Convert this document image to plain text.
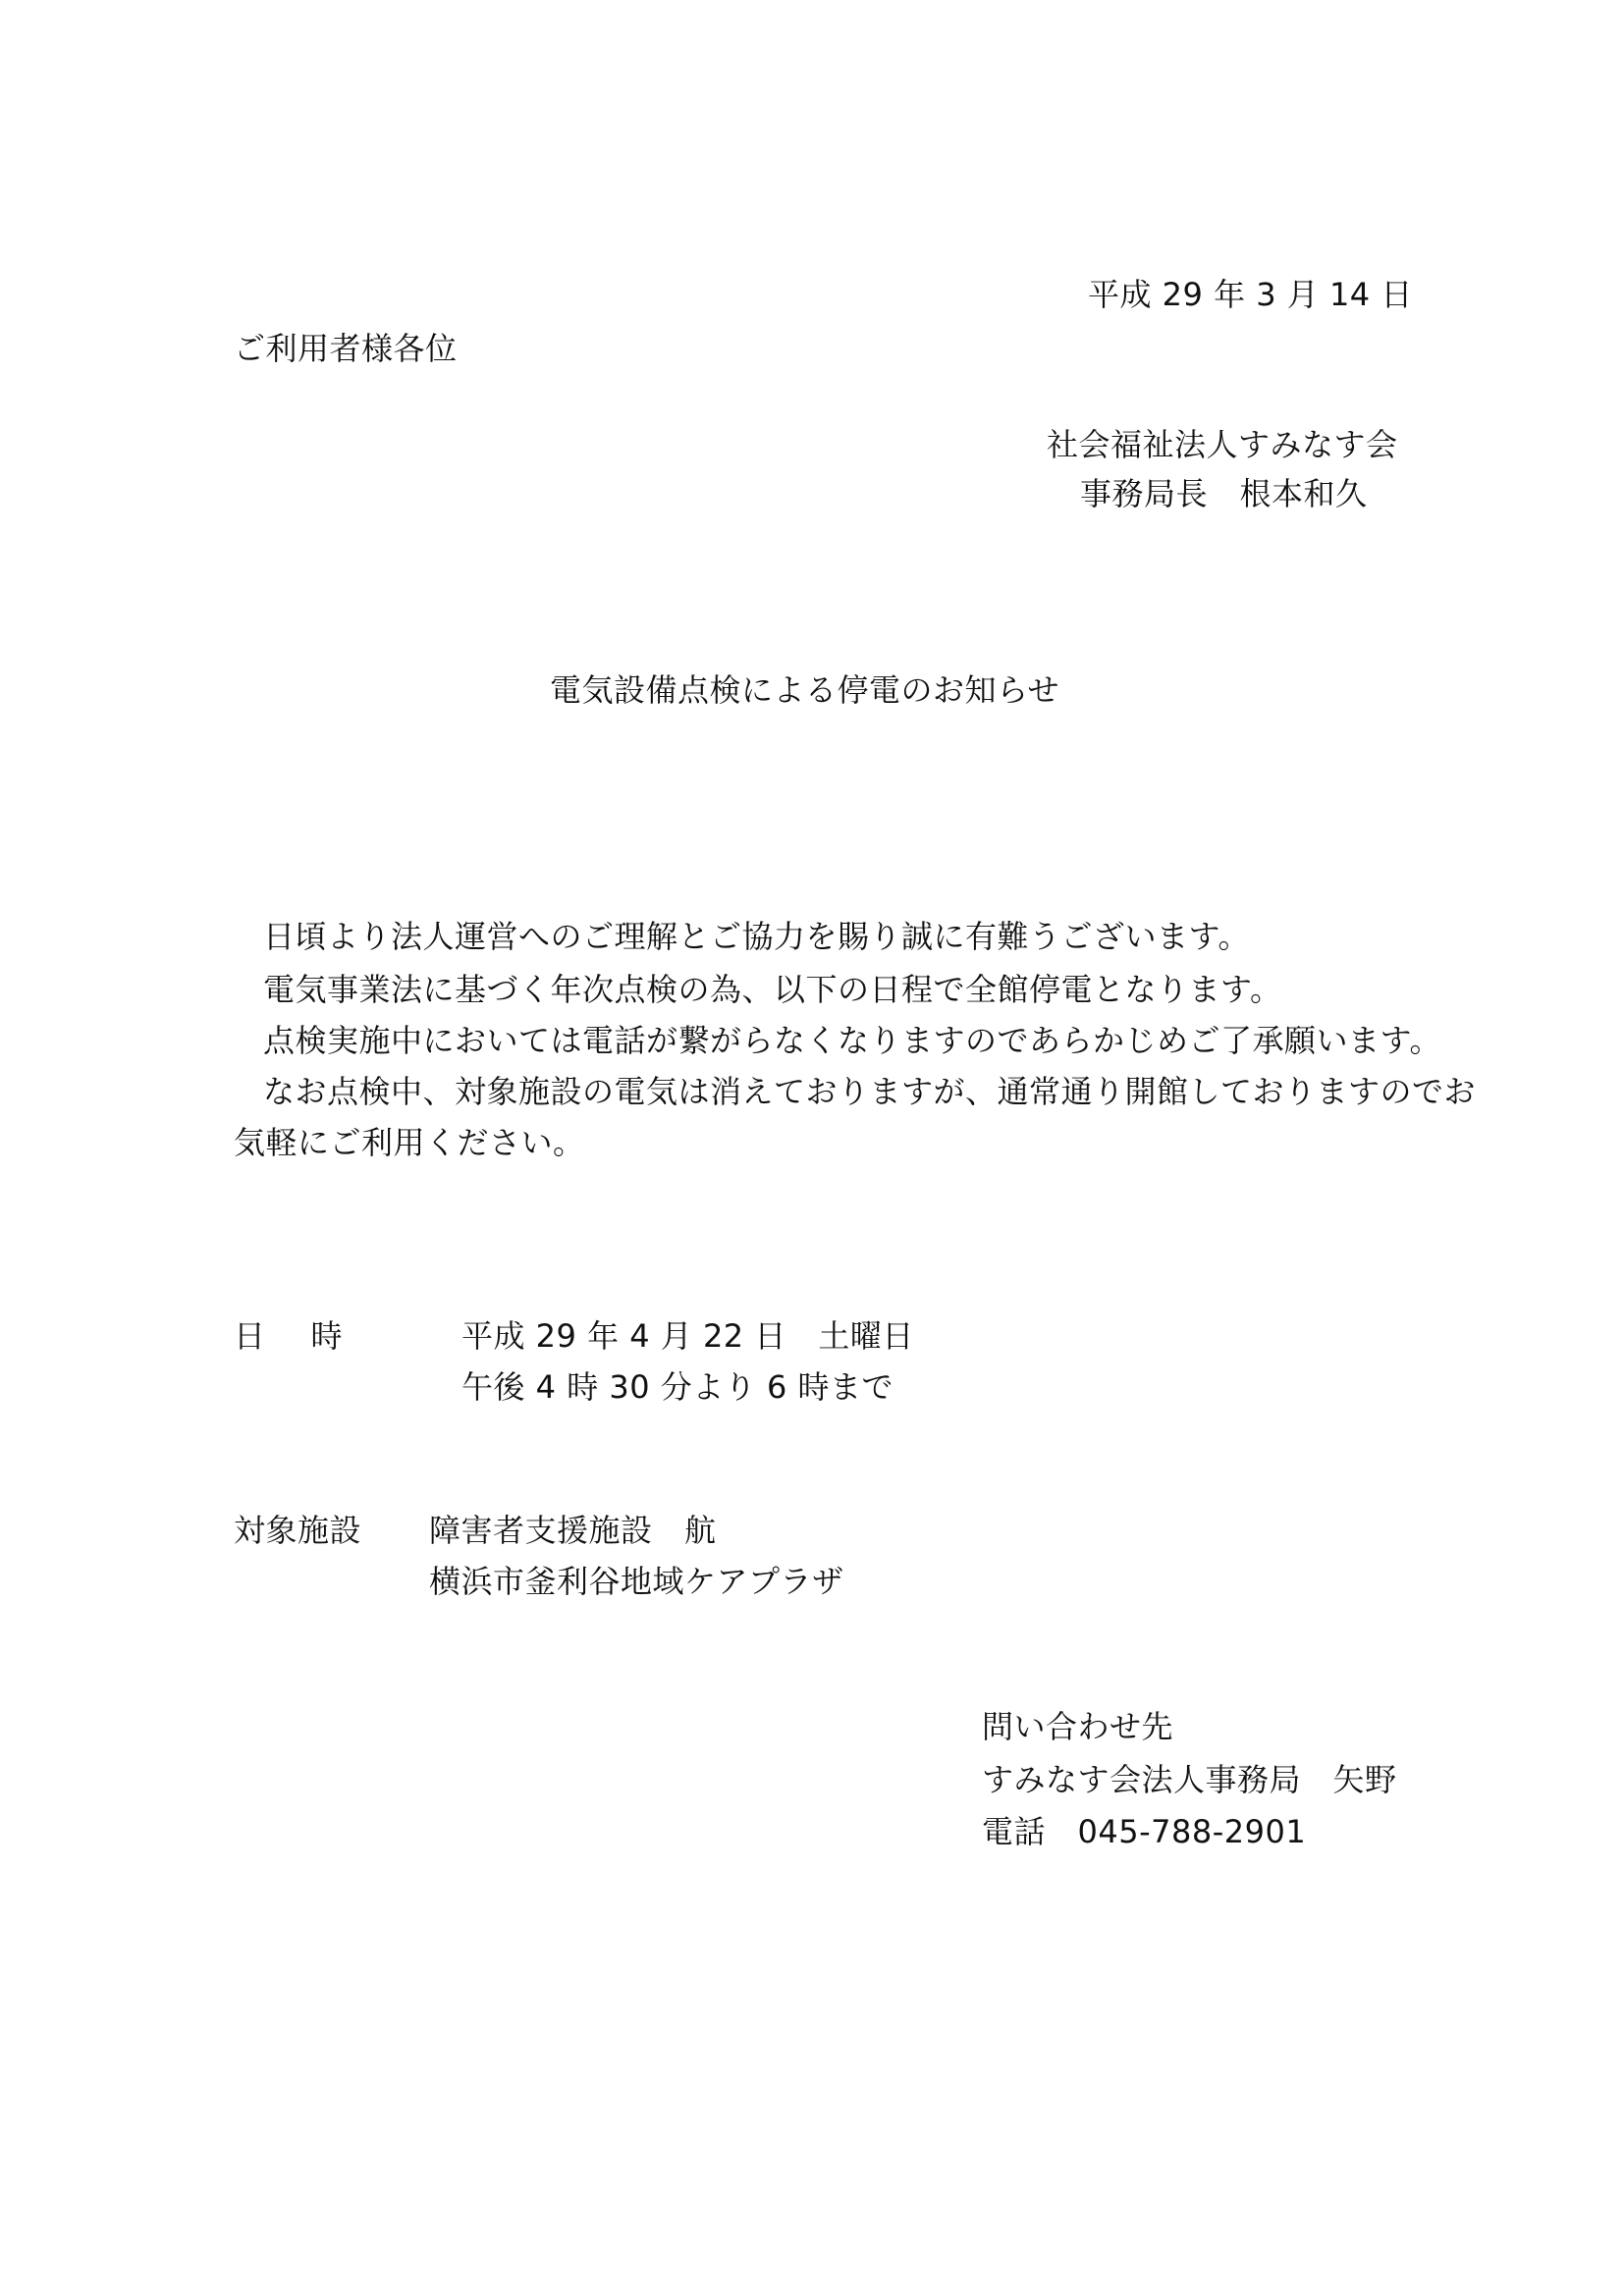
平成 29 年 3 月 14 日
ご利用者様各位
社会福祉法人すみなす会
事務局長　根本和久
電気設備点検による停電のお知らせ
日頃より法人運営へのご理解とご協力を賜り誠に有難うございます。
電気事業法に基づく年次点検の為、以下の日程で全館停電となります。
点検実施中においては電話が繋がらなくなりますのであらかじめご了承願います。
なお点検中、対象施設の電気は消えておりますが、通常通り開館しておりますのでお
気軽にご利用ください。
日 時	平成 29 年 4 月 22 日　土曜日
午後 4 時 30 分より 6 時まで
対象施設 障害者支援施設　航
横浜市釜利谷地域ケアプラザ
問い合わせ先
すみなす会法人事務局　矢野
電話　045-788-2901
